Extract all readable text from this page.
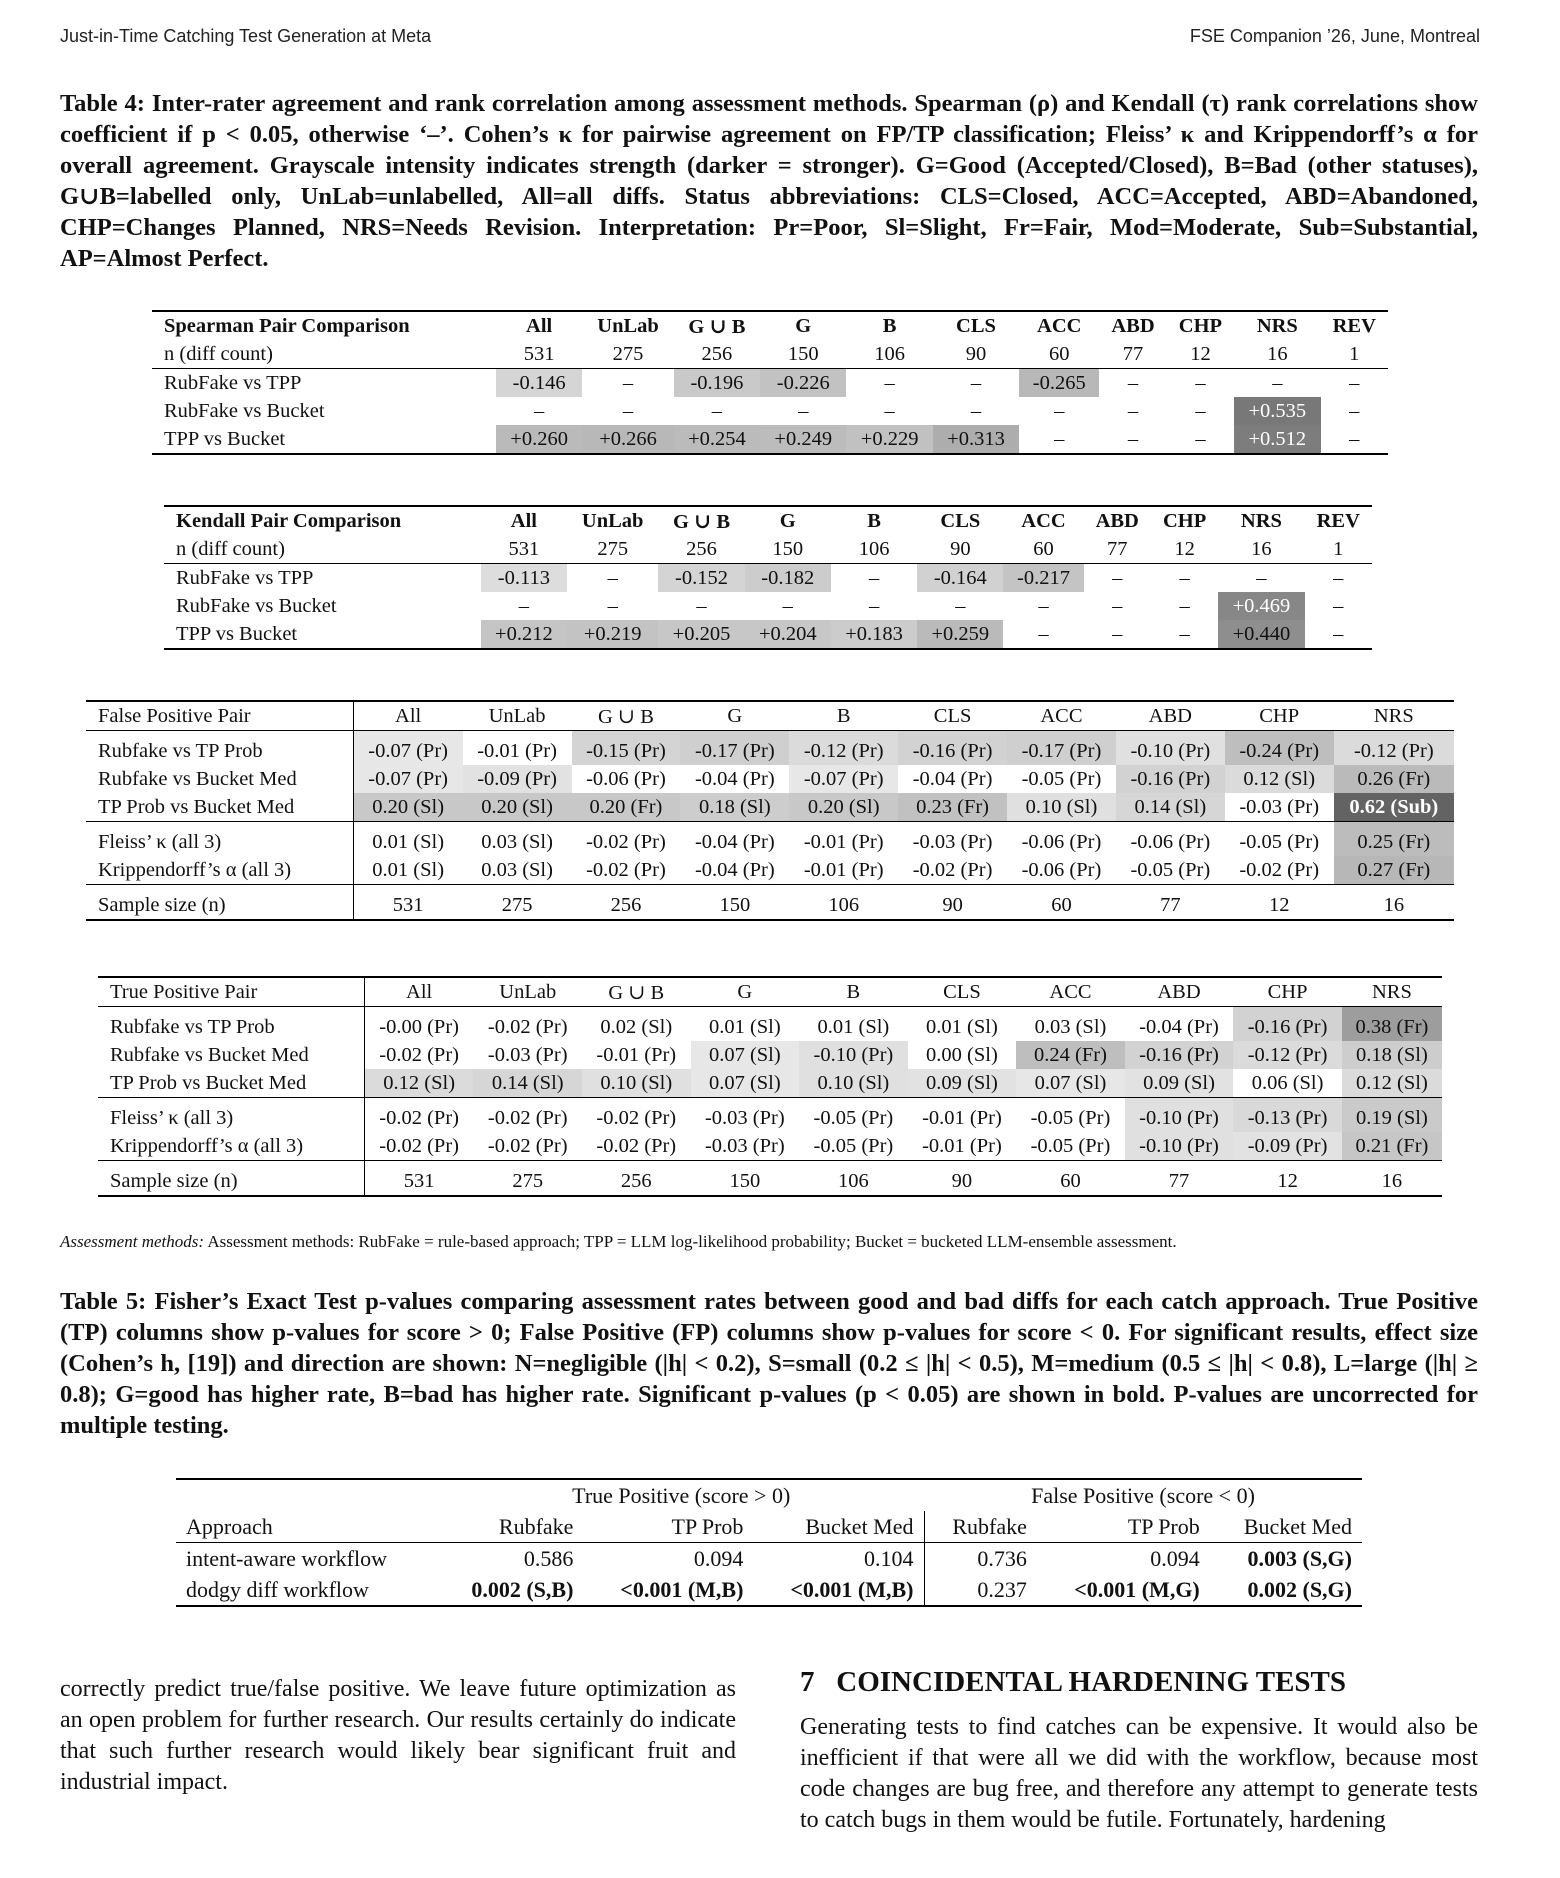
Just-in-Time Catching Test Generation at Meta	FSE Companion ’26, June, Montreal
Table 4: Inter-rater agreement and rank correlation among assessment methods. Spearman (ρ) and Kendall (τ) rank correlations show coefficient if p < 0.05, otherwise ‘–’. Cohen’s κ for pairwise agreement on FP/TP classification; Fleiss’ κ and Krippendorff’s α for overall agreement. Grayscale intensity indicates strength (darker = stronger). G=Good (Accepted/Closed), B=Bad (other statuses), G∪B=labelled only, UnLab=unlabelled, All=all diffs. Status abbreviations: CLS=Closed, ACC=Accepted, ABD=Abandoned, CHP=Changes Planned, NRS=Needs Revision. Interpretation: Pr=Poor, Sl=Slight, Fr=Fair, Mod=Moderate, Sub=Substantial, AP=Almost Perfect.
Spearman Pair Comparison	All	UnLab	G ∪ B	G	B	CLS	ACC	ABD	CHP	NRS	REV
n (diff count)	531	275	256	150	106	90	60	77	12	16	1
RubFake vs TPP	-0.146	–	-0.196	-0.226	–	–	-0.265	–	–	–	–
RubFake vs Bucket	–	–	–	–	–	–	–	–	–	+0.535	–
TPP vs Bucket	+0.260	+0.266	+0.254	+0.249	+0.229	+0.313	–	–	–	+0.512	–
Kendall Pair Comparison	All	UnLab	G ∪ B	G	B	CLS	ACC	ABD	CHP	NRS	REV
n (diff count)	531	275	256	150	106	90	60	77	12	16	1
RubFake vs TPP	-0.113	–	-0.152	-0.182	–	-0.164	-0.217	–	–	–	–
RubFake vs Bucket	–	–	–	–	–	–	–	–	–	+0.469	–
TPP vs Bucket	+0.212	+0.219	+0.205	+0.204	+0.183	+0.259	–	–	–	+0.440	–
False Positive Pair	All	UnLab	G ∪ B	G	B	CLS	ACC	ABD	CHP	NRS
Rubfake vs TP Prob	-0.07 (Pr)	-0.01 (Pr)	-0.15 (Pr)	-0.17 (Pr)	-0.12 (Pr)	-0.16 (Pr)	-0.17 (Pr)	-0.10 (Pr)	-0.24 (Pr)	-0.12 (Pr)
Rubfake vs Bucket Med	-0.07 (Pr)	-0.09 (Pr)	-0.06 (Pr)	-0.04 (Pr)	-0.07 (Pr)	-0.04 (Pr)	-0.05 (Pr)	-0.16 (Pr)	0.12 (Sl)	0.26 (Fr)
TP Prob vs Bucket Med	0.20 (Sl)	0.20 (Sl)	0.20 (Fr)	0.18 (Sl)	0.20 (Sl)	0.23 (Fr)	0.10 (Sl)	0.14 (Sl)	-0.03 (Pr)	0.62 (Sub)
Fleiss’ κ (all 3)	0.01 (Sl)	0.03 (Sl)	-0.02 (Pr)	-0.04 (Pr)	-0.01 (Pr)	-0.03 (Pr)	-0.06 (Pr)	-0.06 (Pr)	-0.05 (Pr)	0.25 (Fr)
Krippendorff’s α (all 3)	0.01 (Sl)	0.03 (Sl)	-0.02 (Pr)	-0.04 (Pr)	-0.01 (Pr)	-0.02 (Pr)	-0.06 (Pr)	-0.05 (Pr)	-0.02 (Pr)	0.27 (Fr)
Sample size (n)	531	275	256	150	106	90	60	77	12	16
True Positive Pair	All	UnLab	G ∪ B	G	B	CLS	ACC	ABD	CHP	NRS
Rubfake vs TP Prob	-0.00 (Pr)	-0.02 (Pr)	0.02 (Sl)	0.01 (Sl)	0.01 (Sl)	0.01 (Sl)	0.03 (Sl)	-0.04 (Pr)	-0.16 (Pr)	0.38 (Fr)
Rubfake vs Bucket Med	-0.02 (Pr)	-0.03 (Pr)	-0.01 (Pr)	0.07 (Sl)	-0.10 (Pr)	0.00 (Sl)	0.24 (Fr)	-0.16 (Pr)	-0.12 (Pr)	0.18 (Sl)
TP Prob vs Bucket Med	0.12 (Sl)	0.14 (Sl)	0.10 (Sl)	0.07 (Sl)	0.10 (Sl)	0.09 (Sl)	0.07 (Sl)	0.09 (Sl)	0.06 (Sl)	0.12 (Sl)
Fleiss’ κ (all 3)	-0.02 (Pr)	-0.02 (Pr)	-0.02 (Pr)	-0.03 (Pr)	-0.05 (Pr)	-0.01 (Pr)	-0.05 (Pr)	-0.10 (Pr)	-0.13 (Pr)	0.19 (Sl)
Krippendorff’s α (all 3)	-0.02 (Pr)	-0.02 (Pr)	-0.02 (Pr)	-0.03 (Pr)	-0.05 (Pr)	-0.01 (Pr)	-0.05 (Pr)	-0.10 (Pr)	-0.09 (Pr)	0.21 (Fr)
Sample size (n)	531	275	256	150	106	90	60	77	12	16
Assessment methods: Assessment methods: RubFake = rule-based approach; TPP = LLM log-likelihood probability; Bucket = bucketed LLM-ensemble assessment.
Table 5: Fisher’s Exact Test p-values comparing assessment rates between good and bad diffs for each catch approach. True Positive (TP) columns show p-values for score > 0; False Positive (FP) columns show p-values for score < 0. For significant results, effect size (Cohen’s h, [19]) and direction are shown: N=negligible (|h| < 0.2), S=small (0.2 ≤ |h| < 0.5), M=medium (0.5 ≤ |h| < 0.8), L=large (|h| ≥ 0.8); G=good has higher rate, B=bad has higher rate. Significant p-values (p < 0.05) are shown in bold. P-values are uncorrected for multiple testing.
	True Positive (score > 0)			False Positive (score < 0)		
Approach	Rubfake	TP Prob	Bucket Med	Rubfake	TP Prob	Bucket Med
intent-aware workflow	0.586	0.094	0.104	0.736	0.094	0.003 (S,G)
dodgy diff workflow	0.002 (S,B)	<0.001 (M,B)	<0.001 (M,B)	0.237	<0.001 (M,G)	0.002 (S,G)
correctly predict true/false positive. We leave future optimization as an open problem for further research. Our results certainly do indicate that such further research would likely bear significant fruit and industrial impact.
7 COINCIDENTAL HARDENING TESTS
Generating tests to find catches can be expensive. It would also be inefficient if that were all we did with the workflow, because most code changes are bug free, and therefore any attempt to generate tests to catch bugs in them would be futile. Fortunately, hardening
